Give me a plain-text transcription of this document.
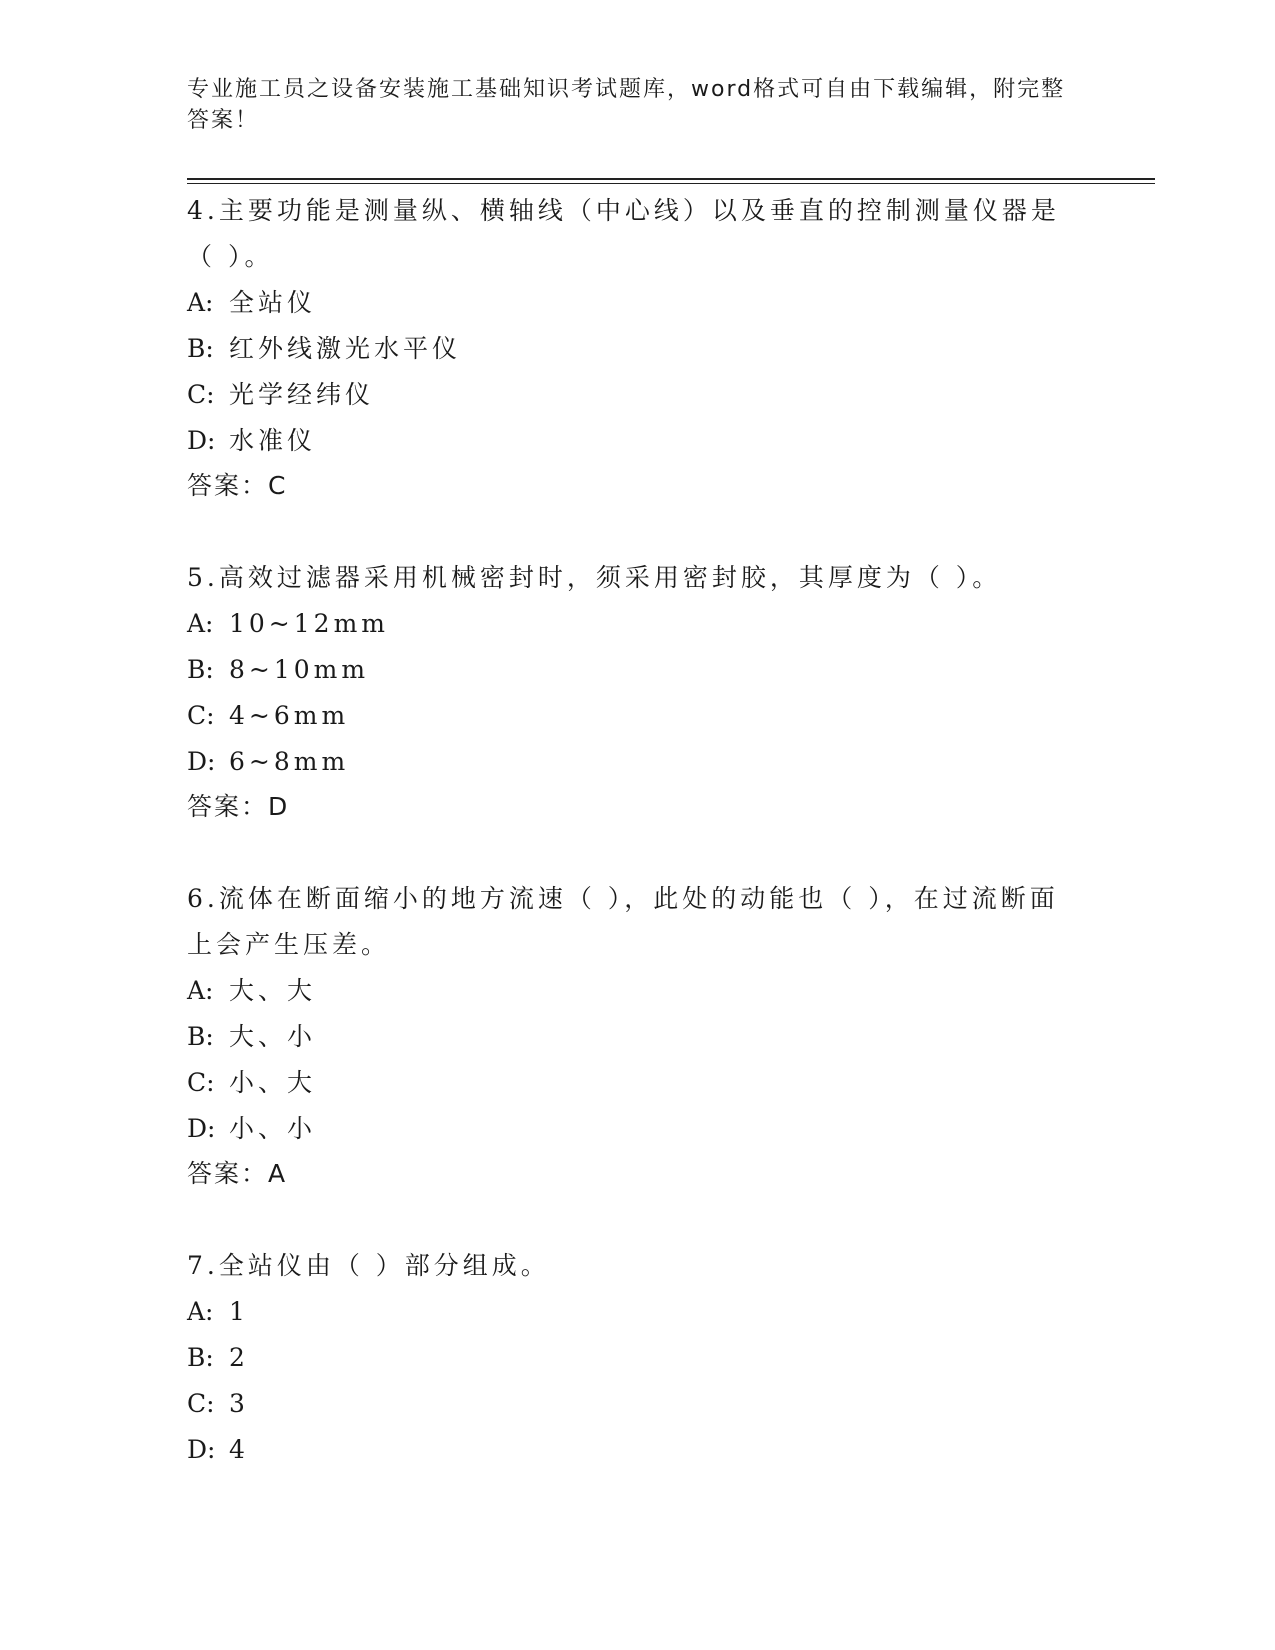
专业施工员之设备安装施工基础知识考试题库，word格式可自由下载编辑，附完整答案！

4.主要功能是测量纵、横轴线（中心线）以及垂直的控制测量仪器是（ ）。

A: 全站仪

B: 红外线激光水平仪

C: 光学经纬仪

D: 水准仪

答案：C

5.高效过滤器采用机械密封时，须采用密封胶，其厚度为（ ）。

A: 10~12mm

B: 8~10mm

C: 4~6mm

D: 6~8mm

答案：D

6.流体在断面缩小的地方流速（ ），此处的动能也（ ），在过流断面上会产生压差。

A: 大、大

B: 大、小

C: 小、大

D: 小、小

答案：A

7.全站仪由（ ）部分组成。

A: 1

B: 2

C: 3

D: 4
